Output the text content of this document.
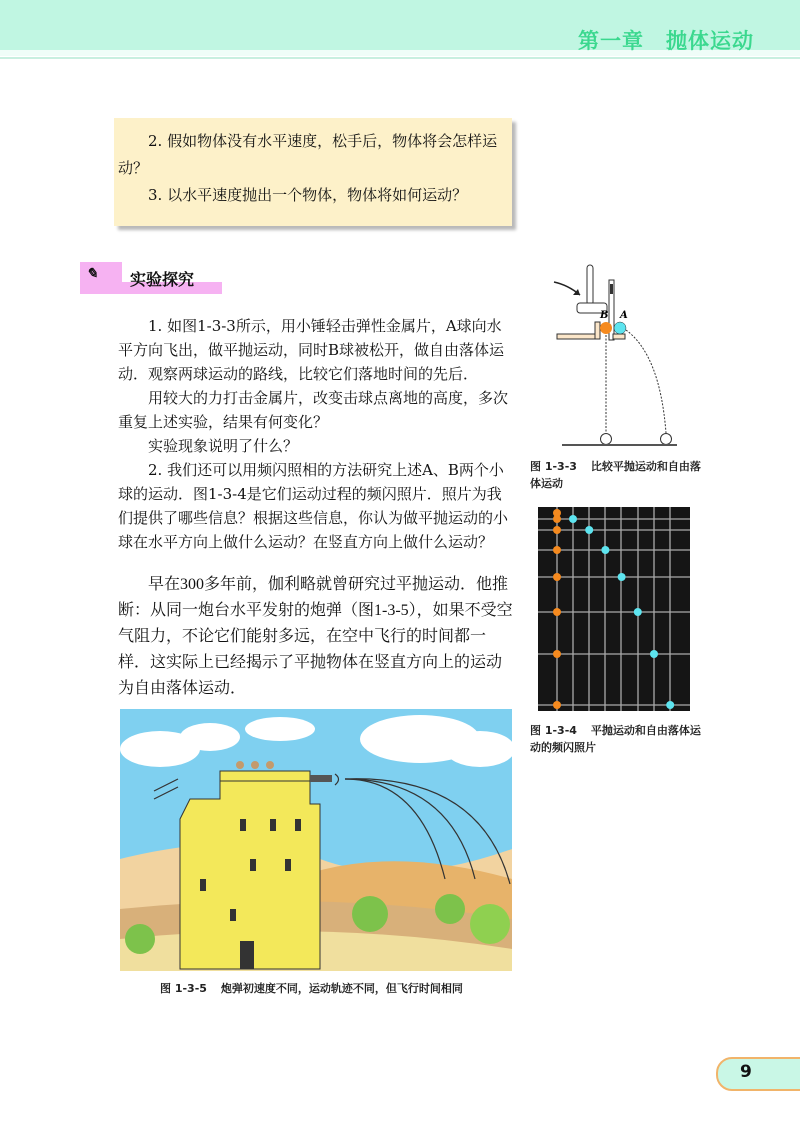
第一章 抛体运动

2. 假如物体没有水平速度，松手后，物体将会怎样运动？

3. 以水平速度抛出一个物体，物体将如何运动？

✎ 实验探究

1. 如图1-3-3所示，用小锤轻击弹性金属片，A球向水平方向飞出，做平抛运动，同时B球被松开，做自由落体运动．观察两球运动的路线，比较它们落地时间的先后．

用较大的力打击金属片，改变击球点离地的高度，多次重复上述实验，结果有何变化？

实验现象说明了什么？

2. 我们还可以用频闪照相的方法研究上述A、B两个小球的运动．图1-3-4是它们运动过程的频闪照片．照片为我们提供了哪些信息？根据这些信息，你认为做平抛运动的小球在水平方向上做什么运动？在竖直方向上做什么运动？

早在300多年前，伽利略就曾研究过平抛运动．他推断：从同一炮台水平发射的炮弹（图1-3-5），如果不受空气阻力，不论它们能射多远，在空中飞行的时间都一样．这实际上已经揭示了平抛物体在竖直方向上的运动为自由落体运动．

B A
图 1-3-3 比较平抛运动和自由落体运动
图 1-3-4 平抛运动和自由落体运动的频闪照片
图 1-3-5 炮弹初速度不同，运动轨迹不同，但飞行时间相同
9
